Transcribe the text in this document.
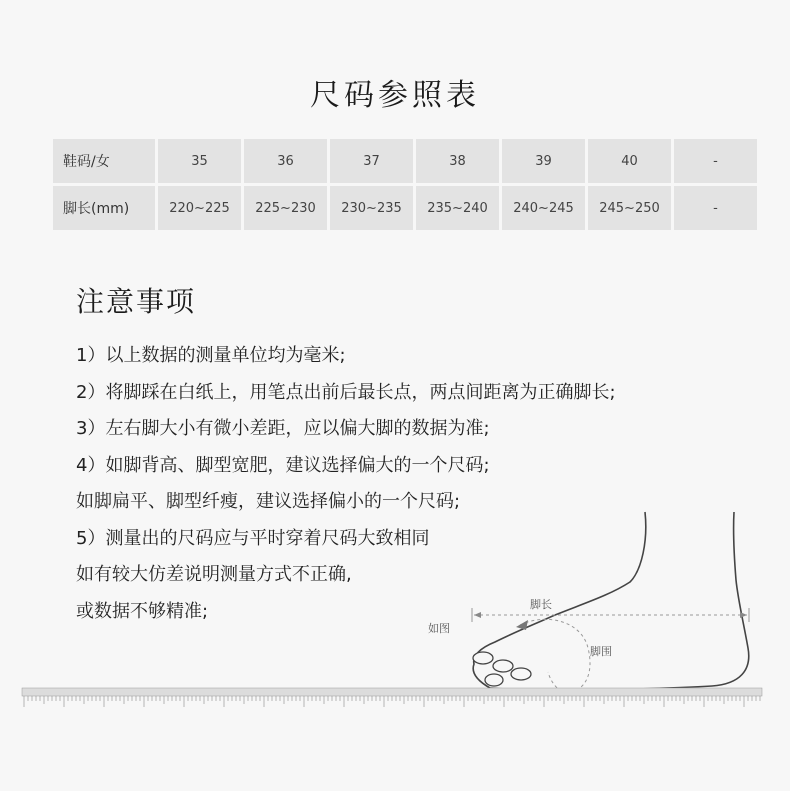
尺码参照表
鞋码/女	35	36	37	38	39	40	-
脚长(mm)	220~225	225~230	230~235	235~240	240~245	245~250	-
注意事项
1）以上数据的测量单位均为毫米;
2）将脚踩在白纸上，用笔点出前后最长点，两点间距离为正确脚长;
3）左右脚大小有微小差距，应以偏大脚的数据为准;
4）如脚背高、脚型宽肥，建议选择偏大的一个尺码;
如脚扁平、脚型纤瘦，建议选择偏小的一个尺码;
5）测量出的尺码应与平时穿着尺码大致相同
如有较大仿差说明测量方式不正确,
或数据不够精准;	脚长
如图
脚围
